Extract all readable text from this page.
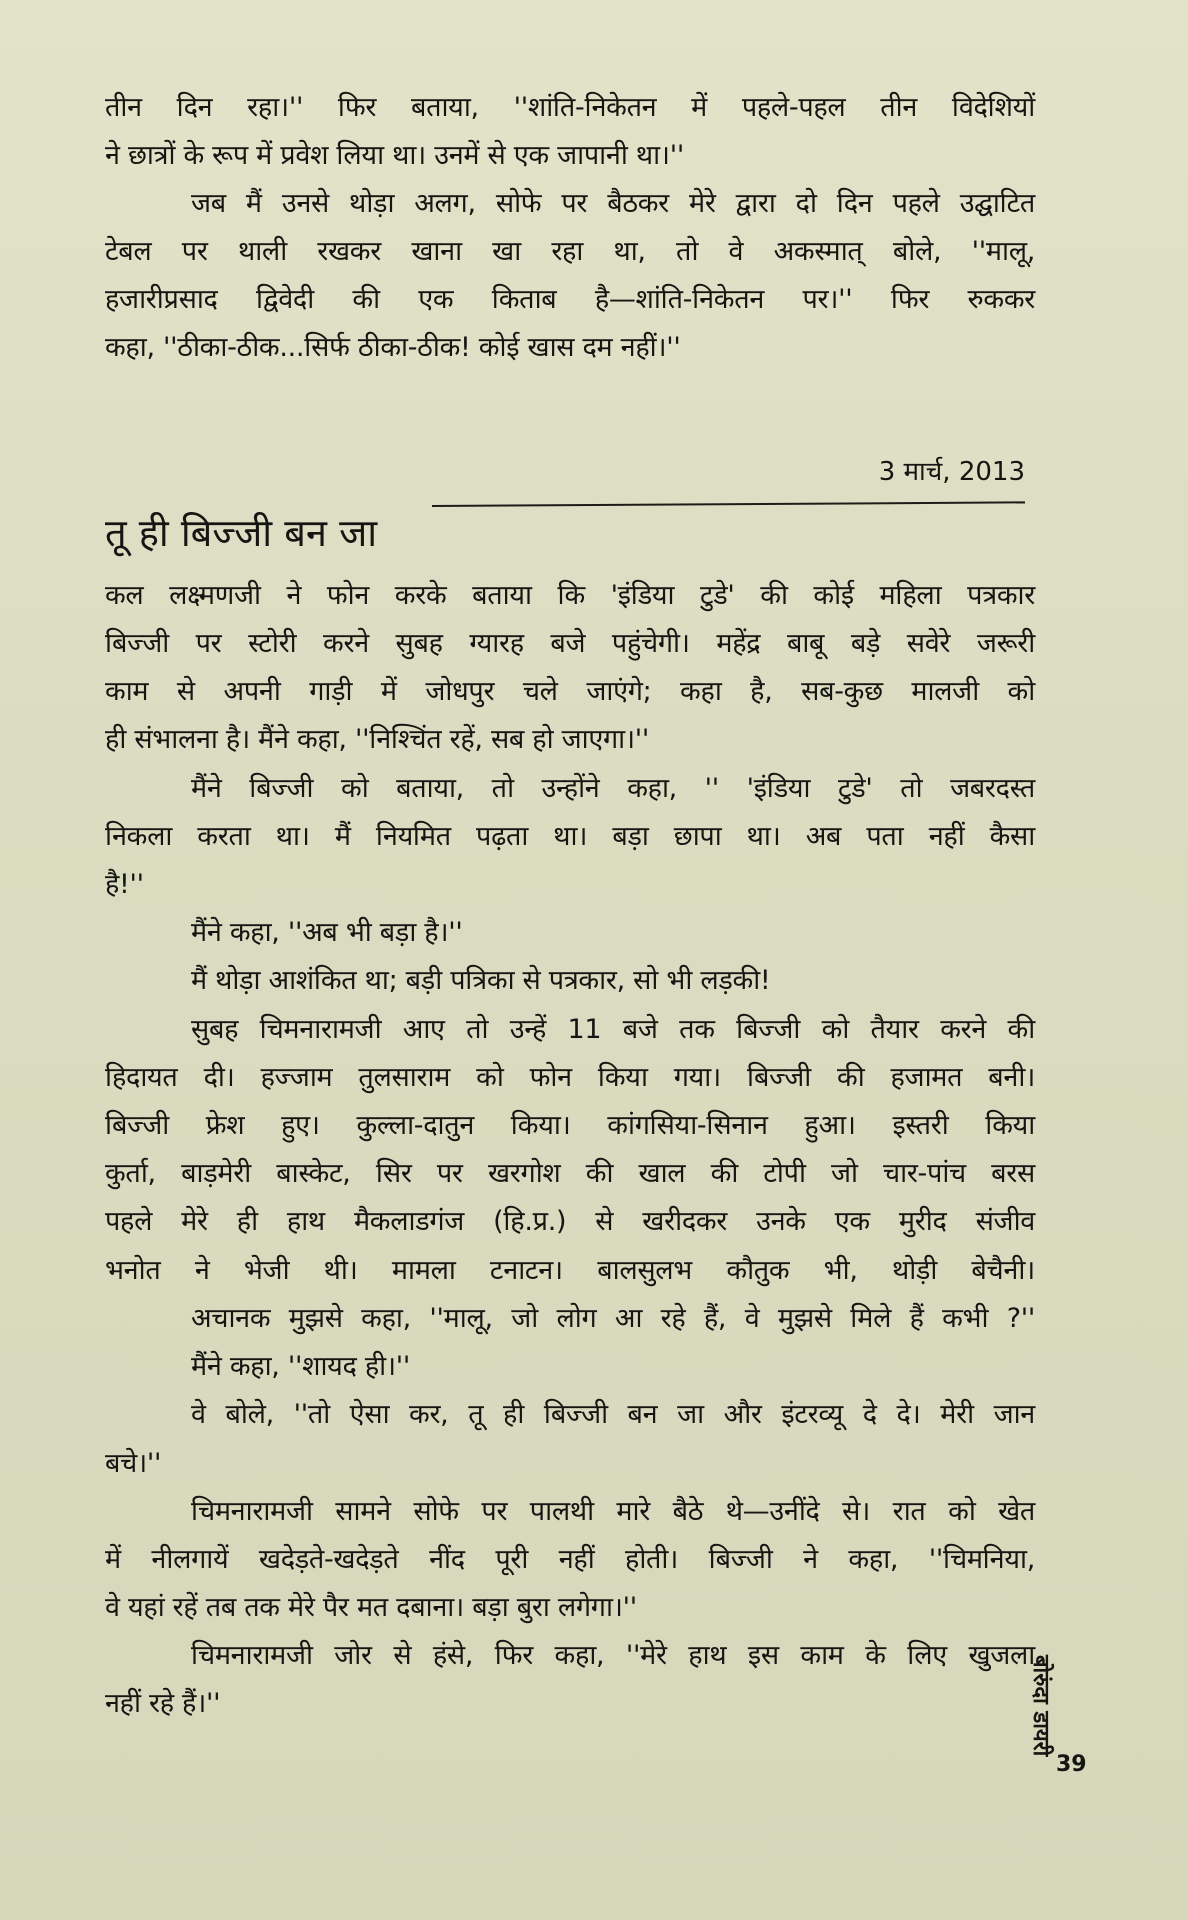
तीन दिन रहा।'' फिर बताया, ''शांति-निकेतन में पहले-पहल तीन विदेशियों
ने छात्रों के रूप में प्रवेश लिया था। उनमें से एक जापानी था।''
जब मैं उनसे थोड़ा अलग, सोफे पर बैठकर मेरे द्वारा दो दिन पहले उद्घाटित
टेबल पर थाली रखकर खाना खा रहा था, तो वे अकस्मात् बोले, ''मालू,
हजारीप्रसाद द्विवेदी की एक किताब है—शांति-निकेतन पर।'' फिर रुककर
कहा, ''ठीका-ठीक...सिर्फ ठीका-ठीक! कोई खास दम नहीं।''
3 मार्च, 2013
तू ही बिज्जी बन जा
कल लक्ष्मणजी ने फोन करके बताया कि 'इंडिया टुडे' की कोई महिला पत्रकार
बिज्जी पर स्टोरी करने सुबह ग्यारह बजे पहुंचेगी। महेंद्र बाबू बड़े सवेरे जरूरी
काम से अपनी गाड़ी में जोधपुर चले जाएंगे; कहा है, सब-कुछ मालजी को
ही संभालना है। मैंने कहा, ''निश्चिंत रहें, सब हो जाएगा।''
मैंने बिज्जी को बताया, तो उन्होंने कहा, '' 'इंडिया टुडे' तो जबरदस्त
निकला करता था। मैं नियमित पढ़ता था। बड़ा छापा था। अब पता नहीं कैसा
है!''
मैंने कहा, ''अब भी बड़ा है।''
मैं थोड़ा आशंकित था; बड़ी पत्रिका से पत्रकार, सो भी लड़की!
सुबह चिमनारामजी आए तो उन्हें 11 बजे तक बिज्जी को तैयार करने की
हिदायत दी। हज्जाम तुलसाराम को फोन किया गया। बिज्जी की हजामत बनी।
बिज्जी फ्रेश हुए। कुल्ला-दातुन किया। कांगसिया-सिनान हुआ। इस्तरी किया
कुर्ता, बाड़मेरी बास्केट, सिर पर खरगोश की खाल की टोपी जो चार-पांच बरस
पहले मेरे ही हाथ मैकलाडगंज (हि.प्र.) से खरीदकर उनके एक मुरीद संजीव
भनोत ने भेजी थी। मामला टनाटन। बालसुलभ कौतुक भी, थोड़ी बेचैनी।
अचानक मुझसे कहा, ''मालू, जो लोग आ रहे हैं, वे मुझसे मिले हैं कभी ?''
मैंने कहा, ''शायद ही।''
वे बोले, ''तो ऐसा कर, तू ही बिज्जी बन जा और इंटरव्यू दे दे। मेरी जान
बचे।''
चिमनारामजी सामने सोफे पर पालथी मारे बैठे थे—उनींदे से। रात को खेत
में नीलगायें खदेड़ते-खदेड़ते नींद पूरी नहीं होती। बिज्जी ने कहा, ''चिमनिया,
वे यहां रहें तब तक मेरे पैर मत दबाना। बड़ा बुरा लगेगा।''
चिमनारामजी जोर से हंसे, फिर कहा, ''मेरे हाथ इस काम के लिए खुजला
नहीं रहे हैं।''	बोरुंदा डायरी
39
